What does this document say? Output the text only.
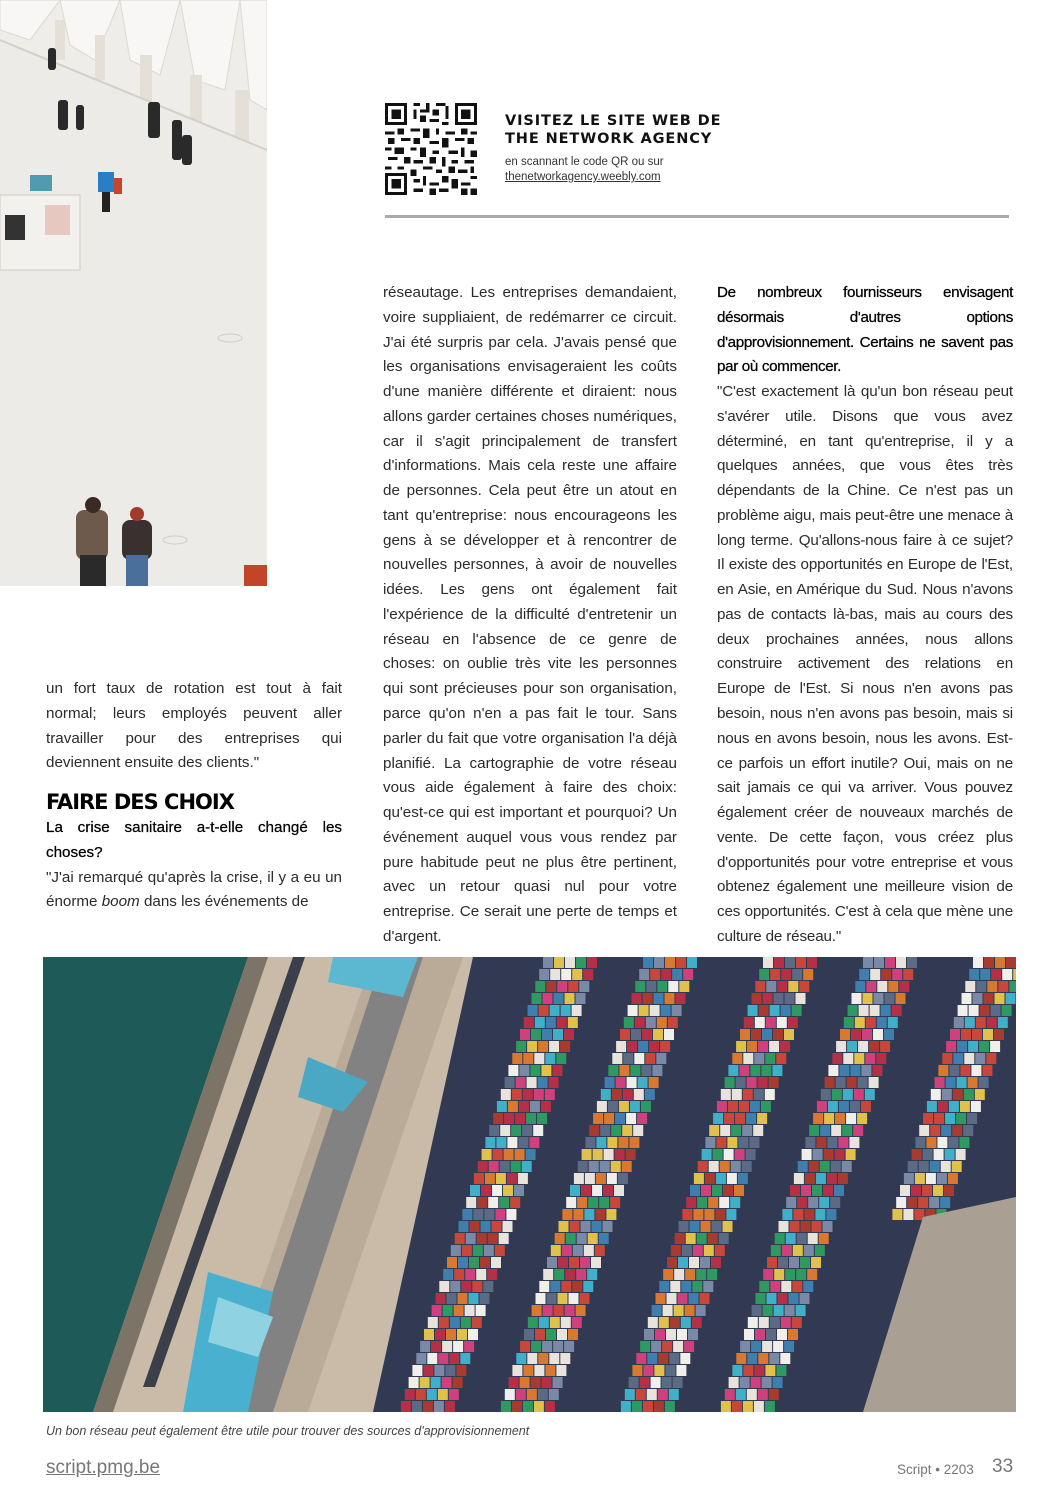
VISITEZ LE SITE WEB DE
THE NETWORK AGENCY
en scannant le code QR ou sur
thenetworkagency.weebly.com

un fort taux de rotation est tout à fait normal; leurs employés peuvent aller travailler pour des entreprises qui deviennent ensuite des clients."

FAIRE DES CHOIX

La crise sanitaire a-t-elle changé les choses?

"J'ai remarqué qu'après la crise, il y a eu un énorme boom dans les événements de

réseautage. Les entreprises demandaient, voire suppliaient, de redémarrer ce circuit. J'ai été surpris par cela. J'avais pensé que les organisations envisageraient les coûts d'une manière différente et diraient: nous allons garder certaines choses numériques, car il s'agit principalement de transfert d'informations. Mais cela reste une affaire de personnes. Cela peut être un atout en tant qu'entreprise: nous encourageons les gens à se développer et à rencontrer de nouvelles personnes, à avoir de nouvelles idées. Les gens ont également fait l'expérience de la difficulté d'entretenir un réseau en l'absence de ce genre de choses: on oublie très vite les personnes qui sont précieuses pour son organisation, parce qu'on n'en a pas fait le tour. Sans parler du fait que votre organisation l'a déjà planifié. La cartographie de votre réseau vous aide également à faire des choix: qu'est-ce qui est important et pourquoi? Un événement auquel vous vous rendez par pure habitude peut ne plus être pertinent, avec un retour quasi nul pour votre entreprise. Ce serait une perte de temps et d'argent.

De nombreux fournisseurs envisagent désormais d'autres options d'approvisionnement. Certains ne savent pas par où commencer.

"C'est exactement là qu'un bon réseau peut s'avérer utile. Disons que vous avez déterminé, en tant qu'entreprise, il y a quelques années, que vous êtes très dépendants de la Chine. Ce n'est pas un problème aigu, mais peut-être une menace à long terme. Qu'allons-nous faire à ce sujet? Il existe des opportunités en Europe de l'Est, en Asie, en Amérique du Sud. Nous n'avons pas de contacts là-bas, mais au cours des deux prochaines années, nous allons construire activement des relations en Europe de l'Est. Si nous n'en avons pas besoin, nous n'en avons pas besoin, mais si nous en avons besoin, nous les avons. Est-ce parfois un effort inutile? Oui, mais on ne sait jamais ce qui va arriver. Vous pouvez également créer de nouveaux marchés de vente. De cette façon, vous créez plus d'opportunités pour votre entreprise et vous obtenez également une meilleure vision de ces opportunités. C'est à cela que mène une culture de réseau."

Un bon réseau peut également être utile pour trouver des sources d'approvisionnement
script.pmg.be	Script • 2203 33
